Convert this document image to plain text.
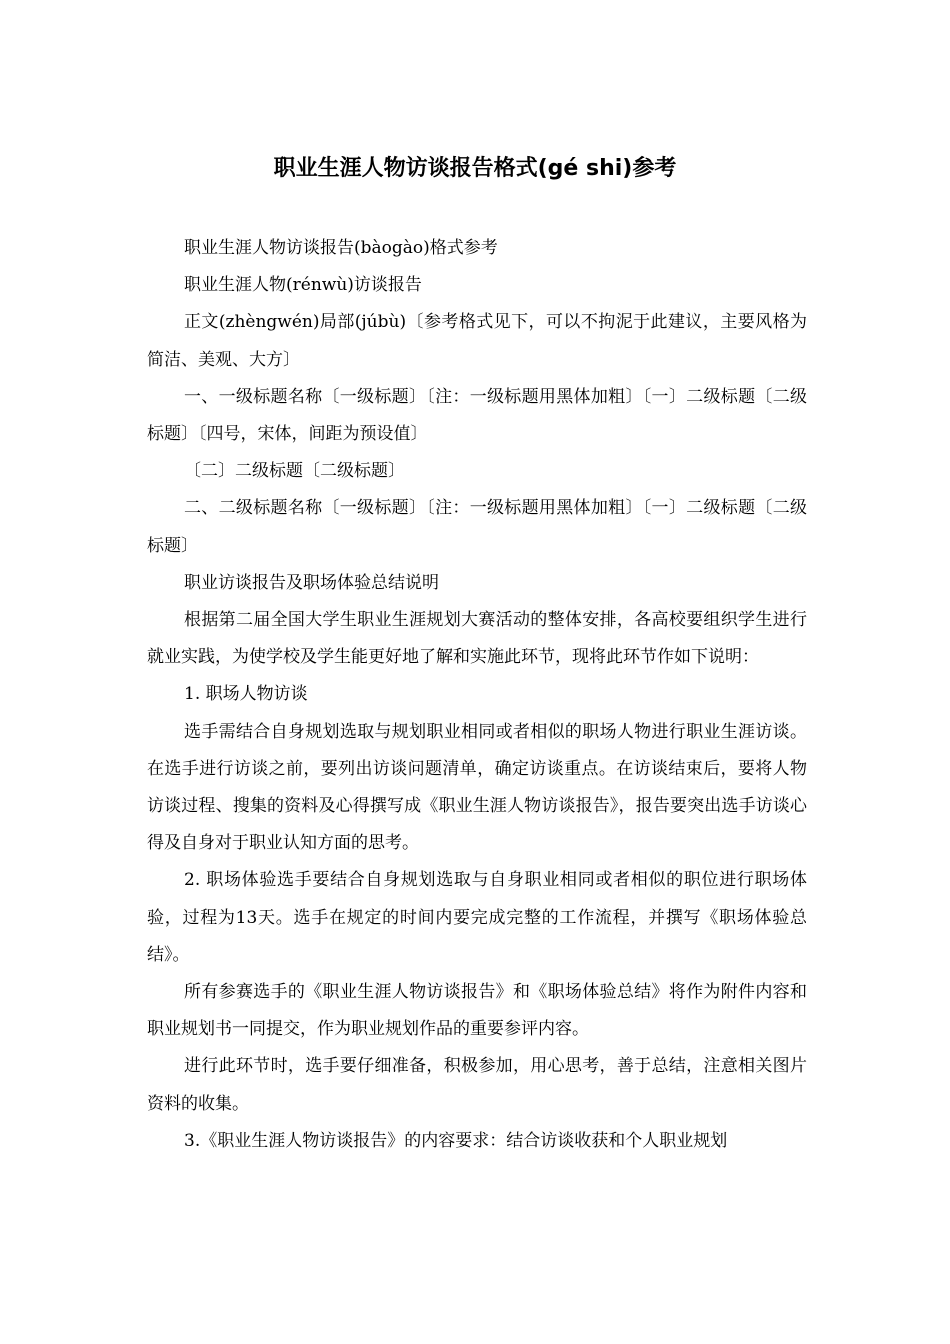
职业生涯人物访谈报告格式(gé shi)参考

职业生涯人物访谈报告(bàogào)格式参考

职业生涯人物(rénwù)访谈报告

正文(zhèngwén)局部(júbù)〔参考格式见下，可以不拘泥于此建议，主要风格为简洁、美观、大方〕

一、一级标题名称〔一级标题〕〔注：一级标题用黑体加粗〕〔一〕二级标题〔二级标题〕〔四号，宋体，间距为预设值〕

〔二〕二级标题〔二级标题〕

二、二级标题名称〔一级标题〕〔注：一级标题用黑体加粗〕〔一〕二级标题〔二级标题〕

职业访谈报告及职场体验总结说明

根据第二届全国大学生职业生涯规划大赛活动的整体安排，各高校要组织学生进行就业实践，为使学校及学生能更好地了解和实施此环节，现将此环节作如下说明：

1. 职场人物访谈

选手需结合自身规划选取与规划职业相同或者相似的职场人物进行职业生涯访谈。在选手进行访谈之前，要列出访谈问题清单，确定访谈重点。在访谈结束后，要将人物访谈过程、搜集的资料及心得撰写成《职业生涯人物访谈报告》，报告要突出选手访谈心得及自身对于职业认知方面的思考。

2. 职场体验选手要结合自身规划选取与自身职业相同或者相似的职位进行职场体验，过程为13天。选手在规定的时间内要完成完整的工作流程，并撰写《职场体验总结》。

所有参赛选手的《职业生涯人物访谈报告》和《职场体验总结》将作为附件内容和职业规划书一同提交，作为职业规划作品的重要参评内容。

进行此环节时，选手要仔细准备，积极参加，用心思考，善于总结，注意相关图片资料的收集。

3.《职业生涯人物访谈报告》的内容要求：结合访谈收获和个人职业规划
